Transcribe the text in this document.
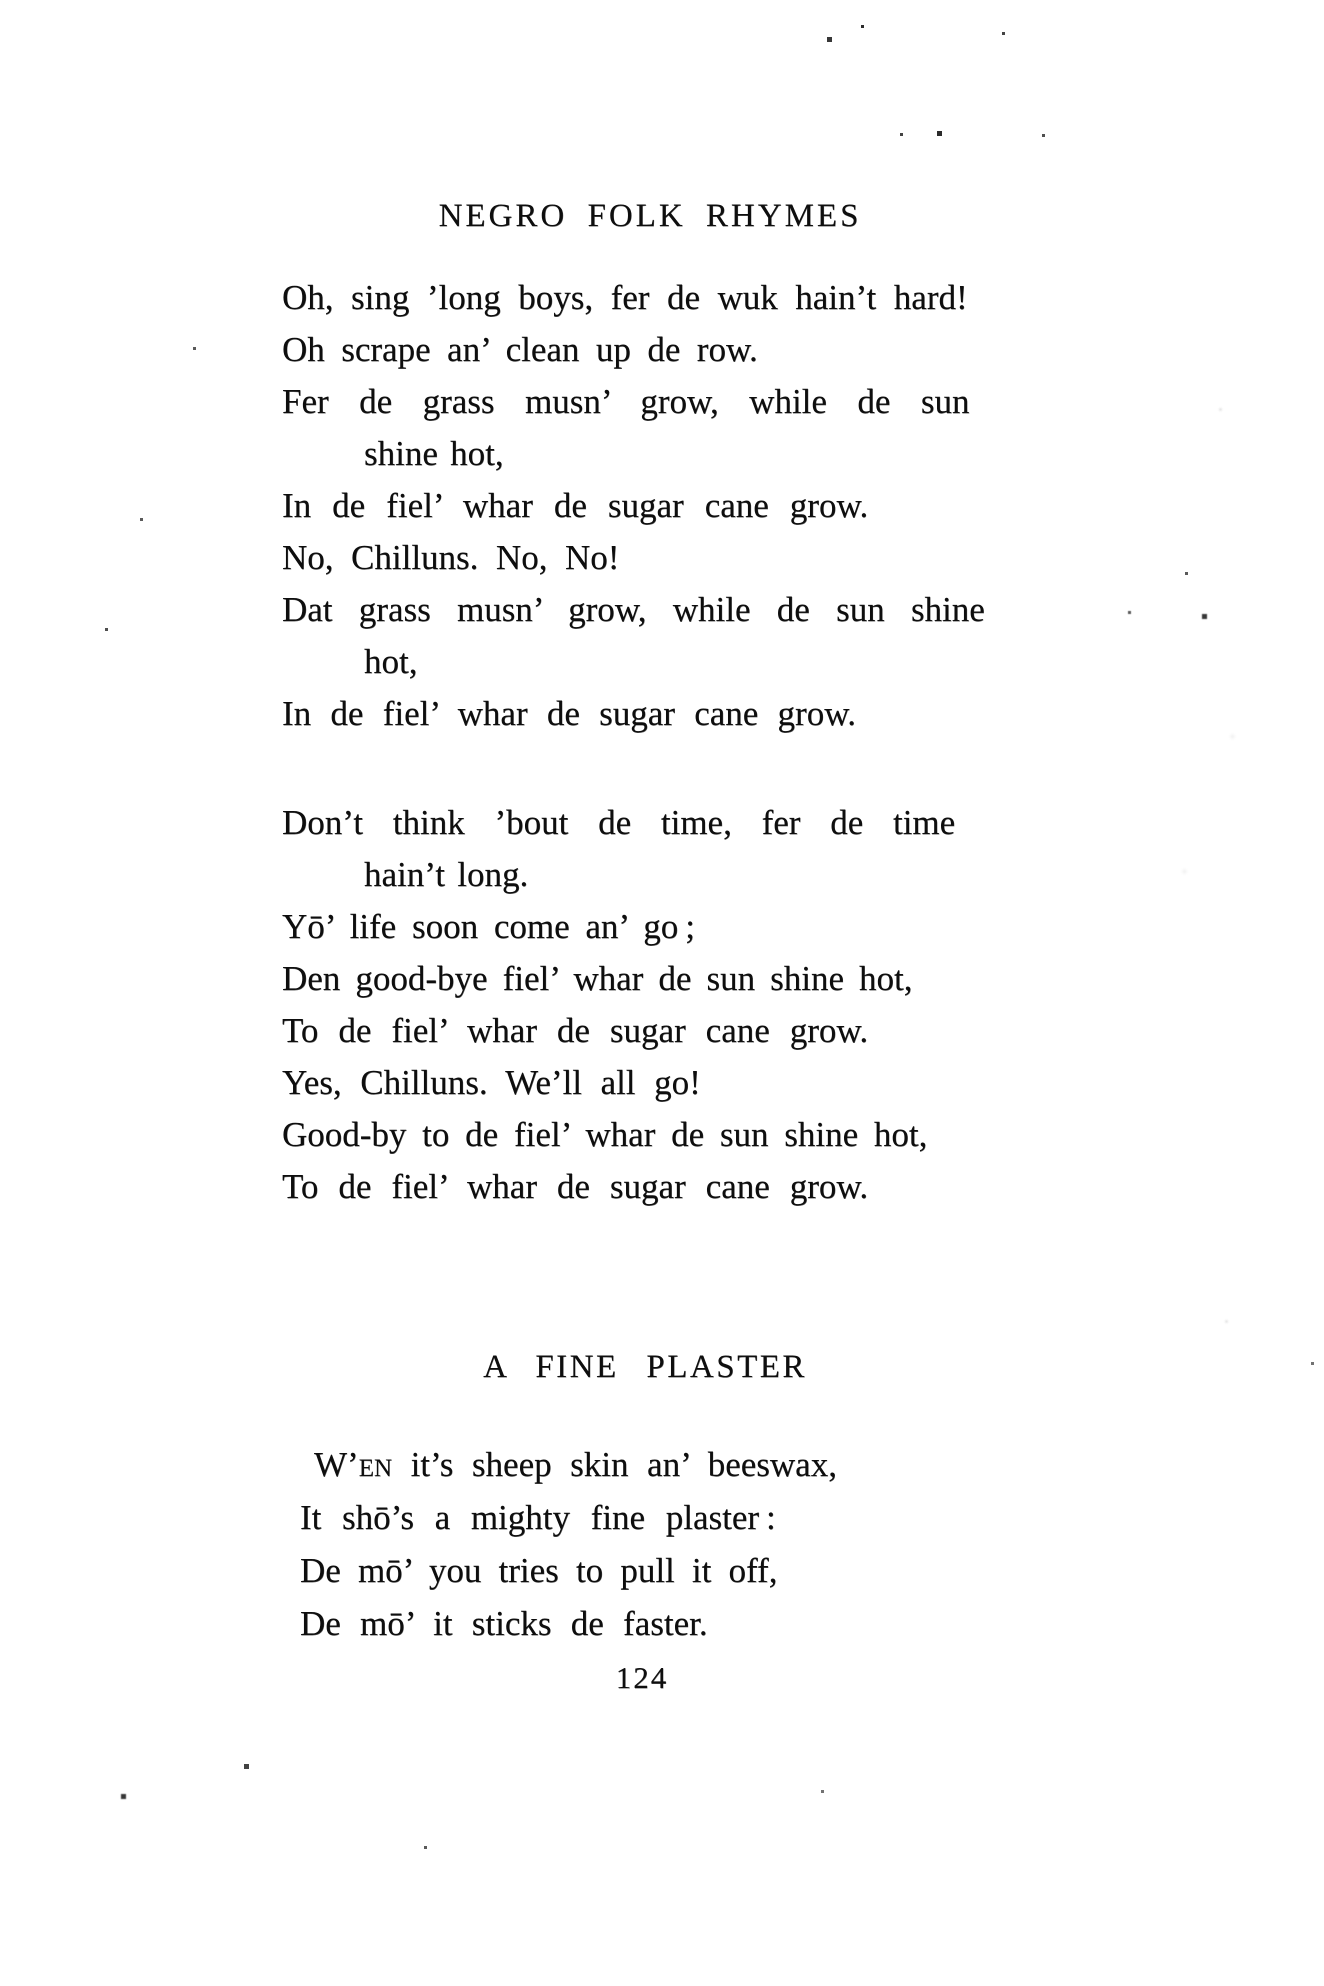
NEGRO FOLK RHYMES
Oh, sing ’long boys, fer de wuk hain’t hard!
Oh scrape an’ clean up de row.
Fer de grass musn’ grow, while de sun
shine hot,
In de fiel’ whar de sugar cane grow.
No, Chilluns. No, No!
Dat grass musn’ grow, while de sun shine
hot,
In de fiel’ whar de sugar cane grow.
Don’t think ’bout de time, fer de time
hain’t long.
Yō’ life soon come an’ go ;
Den good-bye fiel’ whar de sun shine hot,
To de fiel’ whar de sugar cane grow.
Yes, Chilluns. We’ll all go!
Good-by to de fiel’ whar de sun shine hot,
To de fiel’ whar de sugar cane grow.
A FINE PLASTER
W’en it’s sheep skin an’ beeswax,
It shō’s a mighty fine plaster :
De mō’ you tries to pull it off,
De mō’ it sticks de faster.
124
